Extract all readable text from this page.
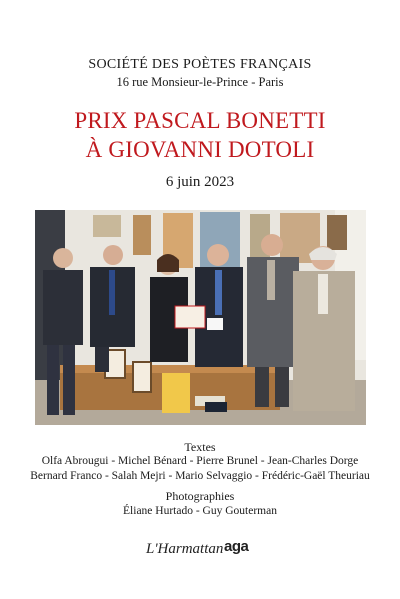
SOCIÉTÉ DES POÈTES FRANÇAIS
16 rue Monsieur-le-Prince - Paris
PRIX PASCAL BONETTI
À GIOVANNI DOTOLI
6 juin 2023
Textes
Olfa Abrougui - Michel Bénard - Pierre Brunel - Jean-Charles Dorge
Bernard Franco - Salah Mejri - Mario Selvaggio - Frédéric-Gaël Theuriau
Photographies
Éliane Hurtado - Guy Gouterman
L'Harmattan aga
